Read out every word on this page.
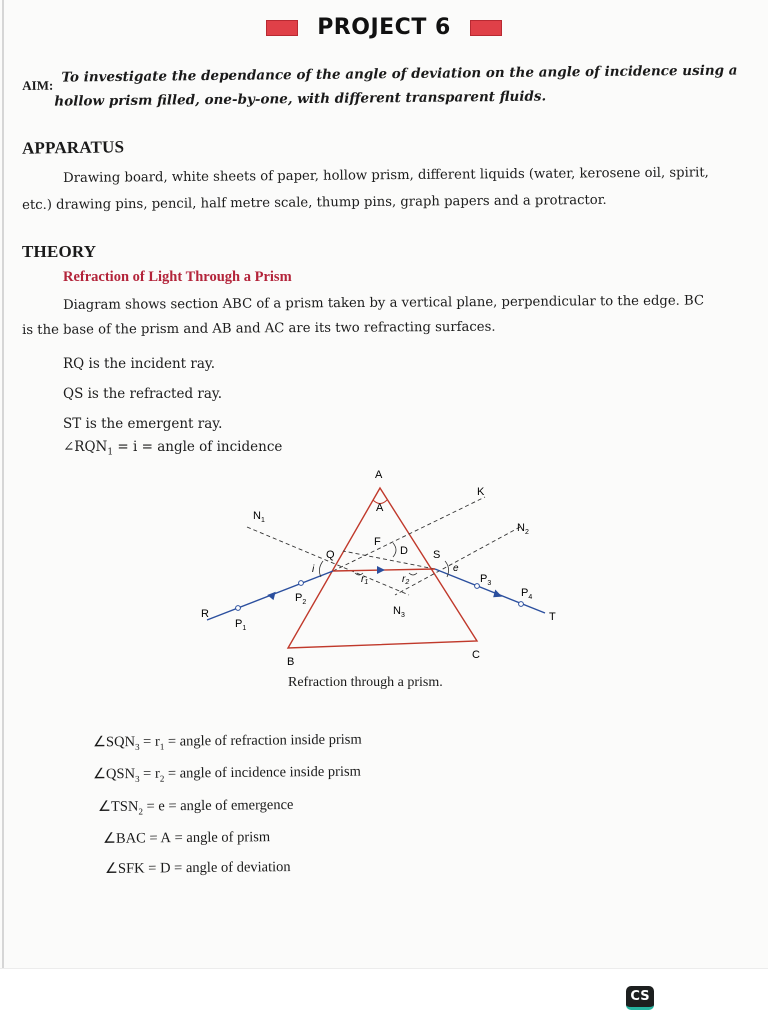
PROJECT 6
AIM: To investigate the dependance of the angle of deviation on the angle of incidence using a
hollow prism filled, one-by-one, with different transparent fluids.
APPARATUS
Drawing board, white sheets of paper, hollow prism, different liquids (water, kerosene oil, spirit,
etc.) drawing pins, pencil, half metre scale, thump pins, graph papers and a protractor.
THEORY
Refraction of Light Through a Prism
Diagram shows section ABC of a prism taken by a vertical plane, perpendicular to the edge. BC
is the base of the prism and AB and AC are its two refracting surfaces.
RQ is the incident ray.
QS is the refracted ray.
ST is the emergent ray.
$\angle RQN_1 = i$ = angle of incidence
A
A
B
C
K
$N_1$
$N_2$
$N_3$
Q	S
F
D
i	e
$r_1$	$r_2$
R	T
$P_1$
$P_2$
$P_3$
$P_4$
Refraction through a prism.
$\angle SQN_3 = r_1$ = angle of refraction inside prism
$\angle QSN_3 = r_2$ = angle of incidence inside prism
$\angle TSN_2 = e$ = angle of emergence
∠BAC = A = angle of prism
∠SFK = D = angle of deviation
CS
